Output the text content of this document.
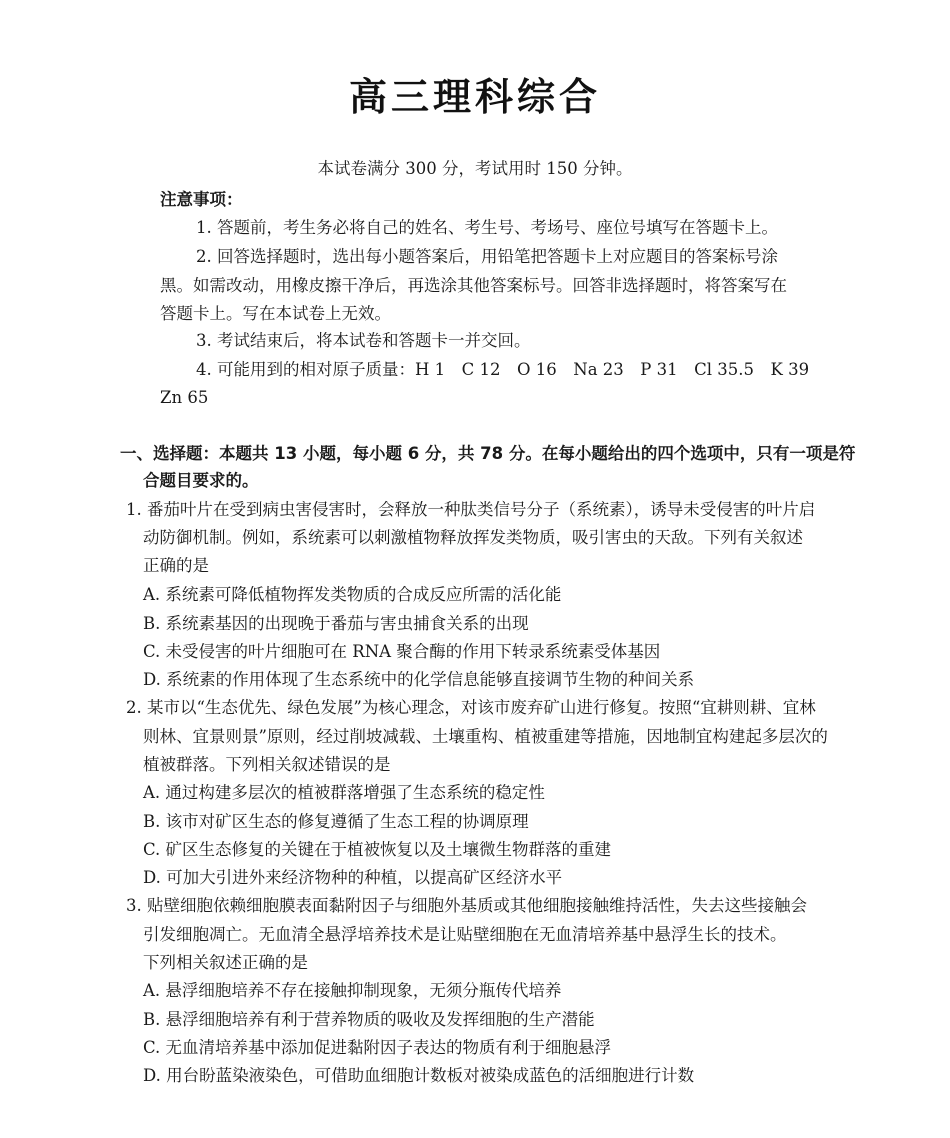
高三理科综合
本试卷满分 300 分，考试用时 150 分钟。
注意事项：
1. 答题前，考生务必将自己的姓名、考生号、考场号、座位号填写在答题卡上。
2. 回答选择题时，选出每小题答案后，用铅笔把答题卡上对应题目的答案标号涂
黑。如需改动，用橡皮擦干净后，再选涂其他答案标号。回答非选择题时，将答案写在
答题卡上。写在本试卷上无效。
3. 考试结束后，将本试卷和答题卡一并交回。
4. 可能用到的相对原子质量：H 1　C 12　O 16　Na 23　P 31　Cl 35.5　K 39
Zn 65
一、选择题：本题共 13 小题，每小题 6 分，共 78 分。在每小题给出的四个选项中，只有一项是符
合题目要求的。
1. 番茄叶片在受到病虫害侵害时，会释放一种肽类信号分子（系统素），诱导未受侵害的叶片启
动防御机制。例如，系统素可以刺激植物释放挥发类物质，吸引害虫的天敌。下列有关叙述
正确的是
A. 系统素可降低植物挥发类物质的合成反应所需的活化能
B. 系统素基因的出现晚于番茄与害虫捕食关系的出现
C. 未受侵害的叶片细胞可在 RNA 聚合酶的作用下转录系统素受体基因
D. 系统素的作用体现了生态系统中的化学信息能够直接调节生物的种间关系
2. 某市以“生态优先、绿色发展”为核心理念，对该市废弃矿山进行修复。按照“宜耕则耕、宜林
则林、宜景则景”原则，经过削坡减载、土壤重构、植被重建等措施，因地制宜构建起多层次的
植被群落。下列相关叙述错误的是
A. 通过构建多层次的植被群落增强了生态系统的稳定性
B. 该市对矿区生态的修复遵循了生态工程的协调原理
C. 矿区生态修复的关键在于植被恢复以及土壤微生物群落的重建
D. 可加大引进外来经济物种的种植，以提高矿区经济水平
3. 贴壁细胞依赖细胞膜表面黏附因子与细胞外基质或其他细胞接触维持活性，失去这些接触会
引发细胞凋亡。无血清全悬浮培养技术是让贴壁细胞在无血清培养基中悬浮生长的技术。
下列相关叙述正确的是
A. 悬浮细胞培养不存在接触抑制现象，无须分瓶传代培养
B. 悬浮细胞培养有利于营养物质的吸收及发挥细胞的生产潜能
C. 无血清培养基中添加促进黏附因子表达的物质有利于细胞悬浮
D. 用台盼蓝染液染色，可借助血细胞计数板对被染成蓝色的活细胞进行计数
